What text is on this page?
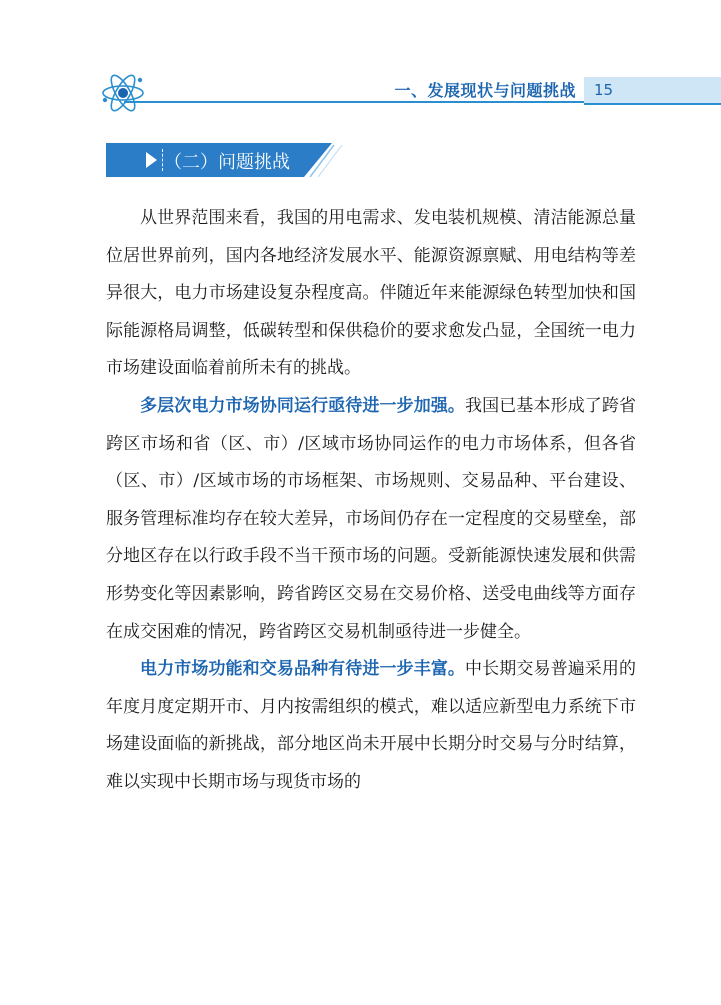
一、发展现状与问题挑战 15
（二）问题挑战

从世界范围来看，我国的用电需求、发电装机规模、清洁能源总量位居世界前列，国内各地经济发展水平、能源资源禀赋、用电结构等差异很大，电力市场建设复杂程度高。伴随近年来能源绿色转型加快和国际能源格局调整，低碳转型和保供稳价的要求愈发凸显，全国统一电力市场建设面临着前所未有的挑战。

多层次电力市场协同运行亟待进一步加强。我国已基本形成了跨省跨区市场和省（区、市）/区域市场协同运作的电力市场体系，但各省（区、市）/区域市场的市场框架、市场规则、交易品种、平台建设、服务管理标准均存在较大差异，市场间仍存在一定程度的交易壁垒，部分地区存在以行政手段不当干预市场的问题。受新能源快速发展和供需形势变化等因素影响，跨省跨区交易在交易价格、送受电曲线等方面存在成交困难的情况，跨省跨区交易机制亟待进一步健全。

电力市场功能和交易品种有待进一步丰富。中长期交易普遍采用的年度月度定期开市、月内按需组织的模式，难以适应新型电力系统下市场建设面临的新挑战，部分地区尚未开展中长期分时交易与分时结算，难以实现中长期市场与现货市场的
